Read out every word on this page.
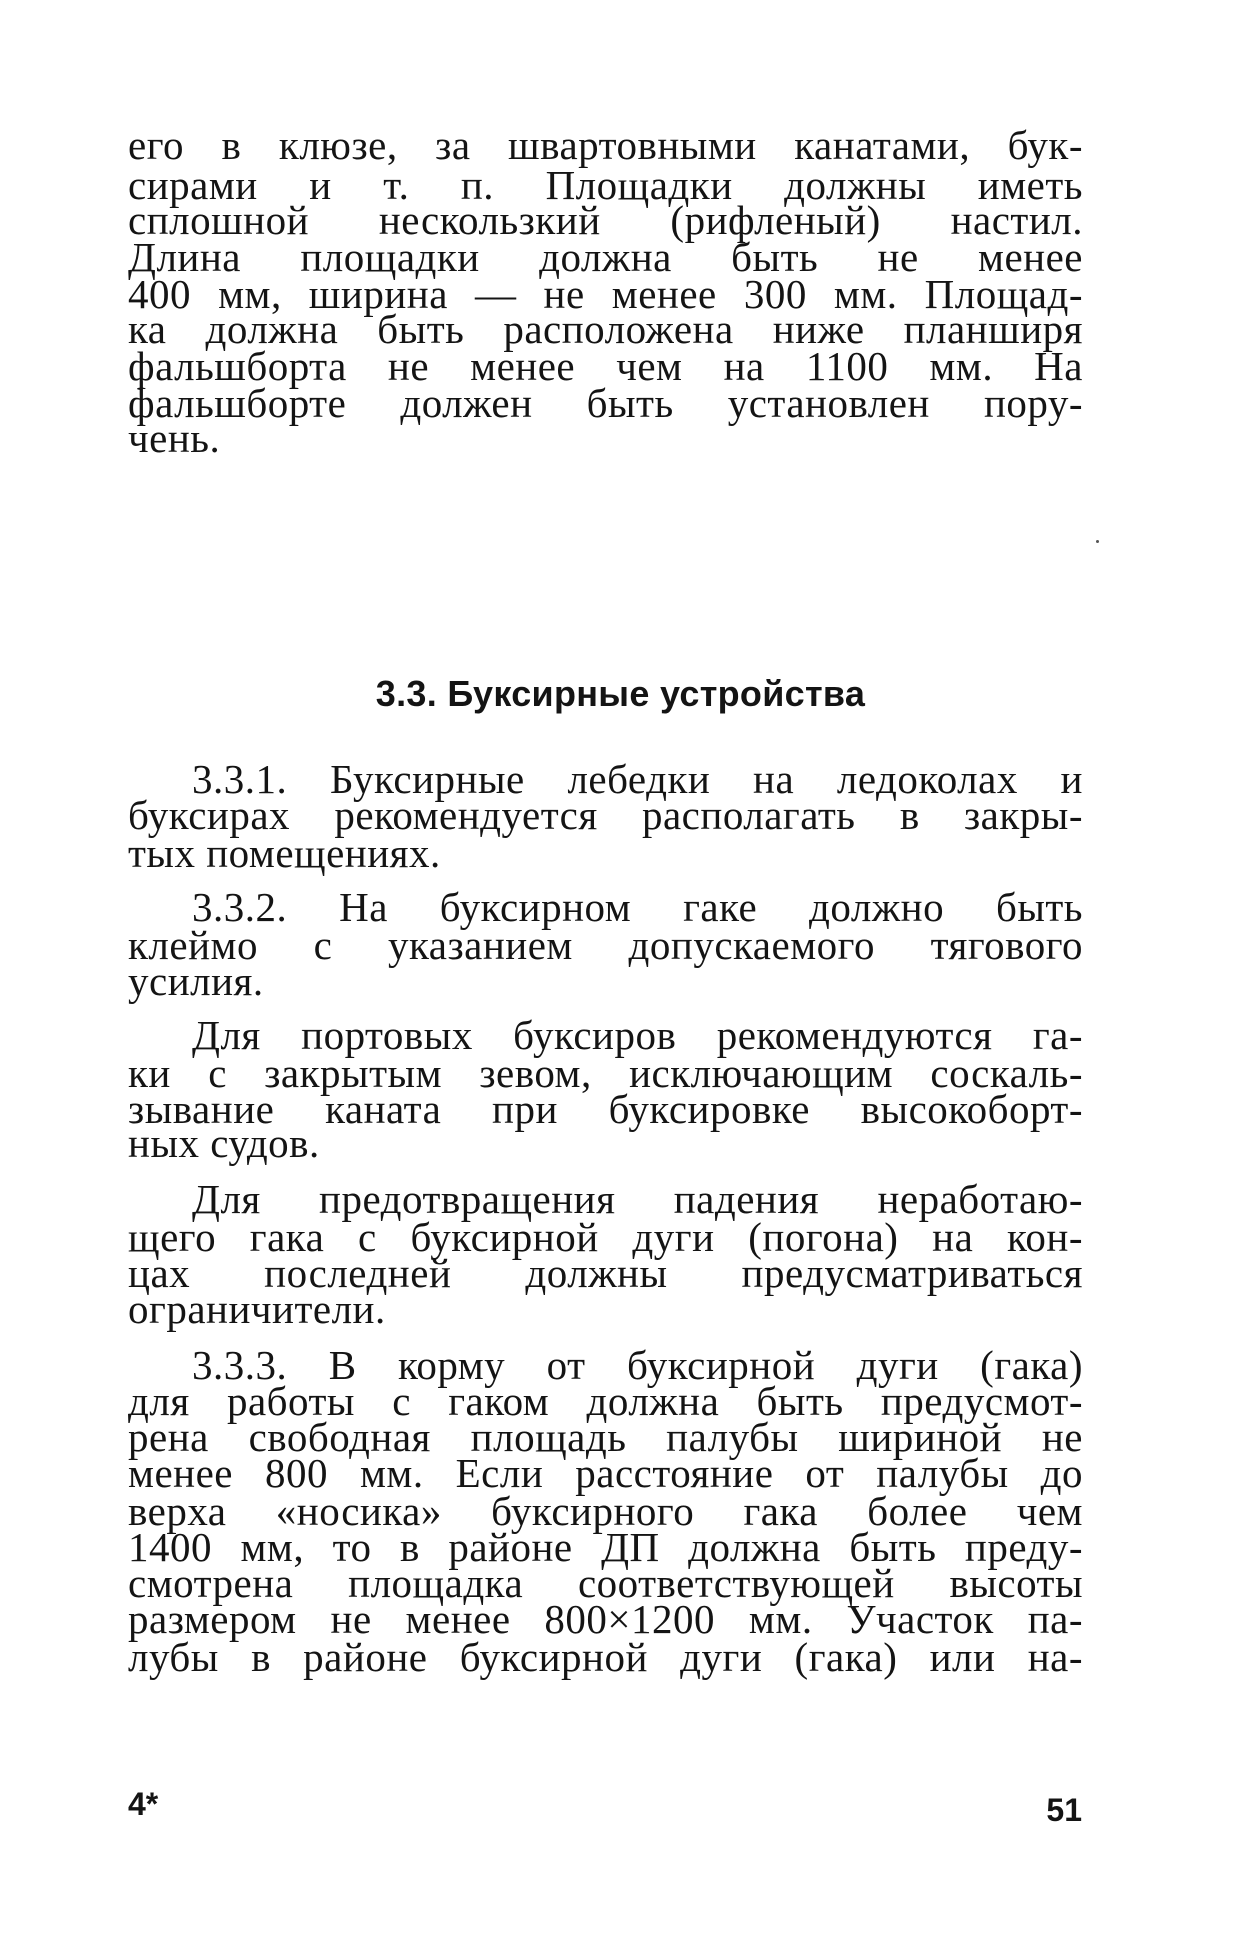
его в клюзе, за швартовными канатами, бук-
сирами и т. п. Площадки должны иметь
сплошной нескользкий (рифленый) настил.
Длина площадки должна быть не менее
400 мм, ширина — не менее 300 мм. Площад-
ка должна быть расположена ниже планширя
фальшборта не менее чем на 1100 мм. На
фальшборте должен быть установлен пору-
чень.
3.3. Буксирные устройства
3.3.1. Буксирные лебедки на ледоколах и
буксирах рекомендуется располагать в закры-
тых помещениях.
3.3.2. На буксирном гаке должно быть
клеймо с указанием допускаемого тягового
усилия.
Для портовых буксиров рекомендуются га-
ки с закрытым зевом, исключающим соскаль-
зывание каната при буксировке высокоборт-
ных судов.
Для предотвращения падения неработаю-
щего гака с буксирной дуги (погона) на кон-
цах последней должны предусматриваться
ограничители.
3.3.3. В корму от буксирной дуги (гака)
для работы с гаком должна быть предусмот-
рена свободная площадь палубы шириной не
менее 800 мм. Если расстояние от палубы до
верха «носика» буксирного гака более чем
1400 мм, то в районе ДП должна быть преду-
смотрена площадка соответствующей высоты
размером не менее 800×1200 мм. Участок па-
лубы в районе буксирной дуги (гака) или на-
4*	51
